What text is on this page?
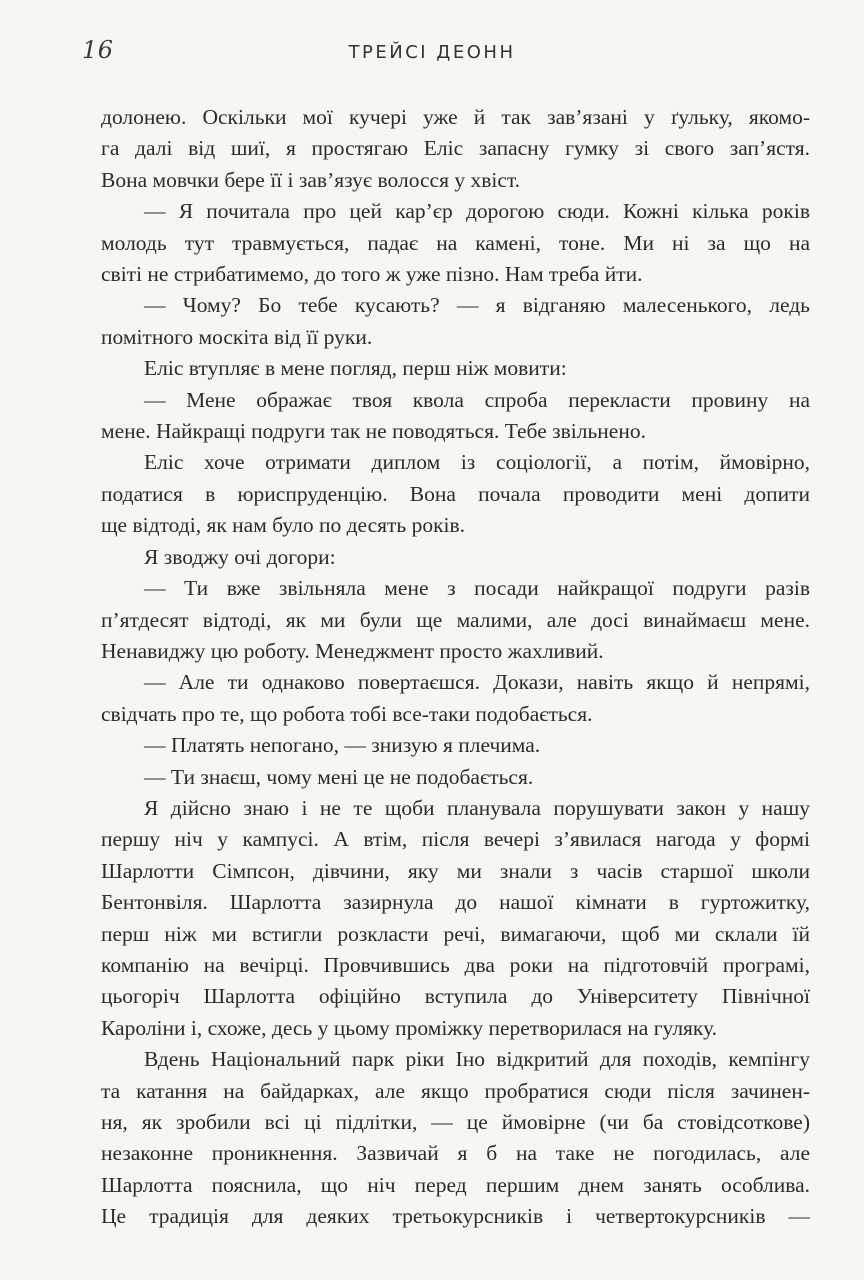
16	ТРЕЙСІ ДЕОНН
долонею. Оскільки мої кучері уже й так зав’язані у ґульку, якомо-
га далі від шиї, я простягаю Еліс запасну гумку зі свого зап’ястя.
Вона мовчки бере її і зав’язує волосся у хвіст.
— Я почитала про цей кар’єр дорогою сюди. Кожні кілька років
молодь тут травмується, падає на камені, тоне. Ми ні за що на
світі не стрибатимемо, до того ж уже пізно. Нам треба йти.
— Чому? Бо тебе кусають? — я відганяю малесенького, ледь
помітного москіта від її руки.
Еліс втупляє в мене погляд, перш ніж мовити:
— Мене ображає твоя квола спроба перекласти провину на
мене. Найкращі подруги так не поводяться. Тебе звільнено.
Еліс хоче отримати диплом із соціології, а потім, ймовірно,
податися в юриспруденцію. Вона почала проводити мені допити
ще відтоді, як нам було по десять років.
Я зводжу очі догори:
— Ти вже звільняла мене з посади найкращої подруги разів
п’ятдесят відтоді, як ми були ще малими, але досі винаймаєш мене.
Ненавиджу цю роботу. Менеджмент просто жахливий.
— Але ти однаково повертаєшся. Докази, навіть якщо й непрямі,
свідчать про те, що робота тобі все-таки подобається.
— Платять непогано, — знизую я плечима.
— Ти знаєш, чому мені це не подобається.
Я дійсно знаю і не те щоби планувала порушувати закон у нашу
першу ніч у кампусі. А втім, після вечері з’явилася нагода у формі
Шарлотти Сімпсон, дівчини, яку ми знали з часів старшої школи
Бентонвіля. Шарлотта зазирнула до нашої кімнати в гуртожитку,
перш ніж ми встигли розкласти речі, вимагаючи, щоб ми склали їй
компанію на вечірці. Провчившись два роки на підготовчій програмі,
цьогоріч Шарлотта офіційно вступила до Університету Північної
Кароліни і, схоже, десь у цьому проміжку перетворилася на гуляку.
Вдень Національний парк ріки Іно відкритий для походів, кемпінгу
та катання на байдарках, але якщо пробратися сюди після зачинен-
ня, як зробили всі ці підлітки, — це ймовірне (чи ба стовідсоткове)
незаконне проникнення. Зазвичай я б на таке не погодилась, але
Шарлотта пояснила, що ніч перед першим днем занять особлива.
Це традиція для деяких третьокурсників і четвертокурсників —
